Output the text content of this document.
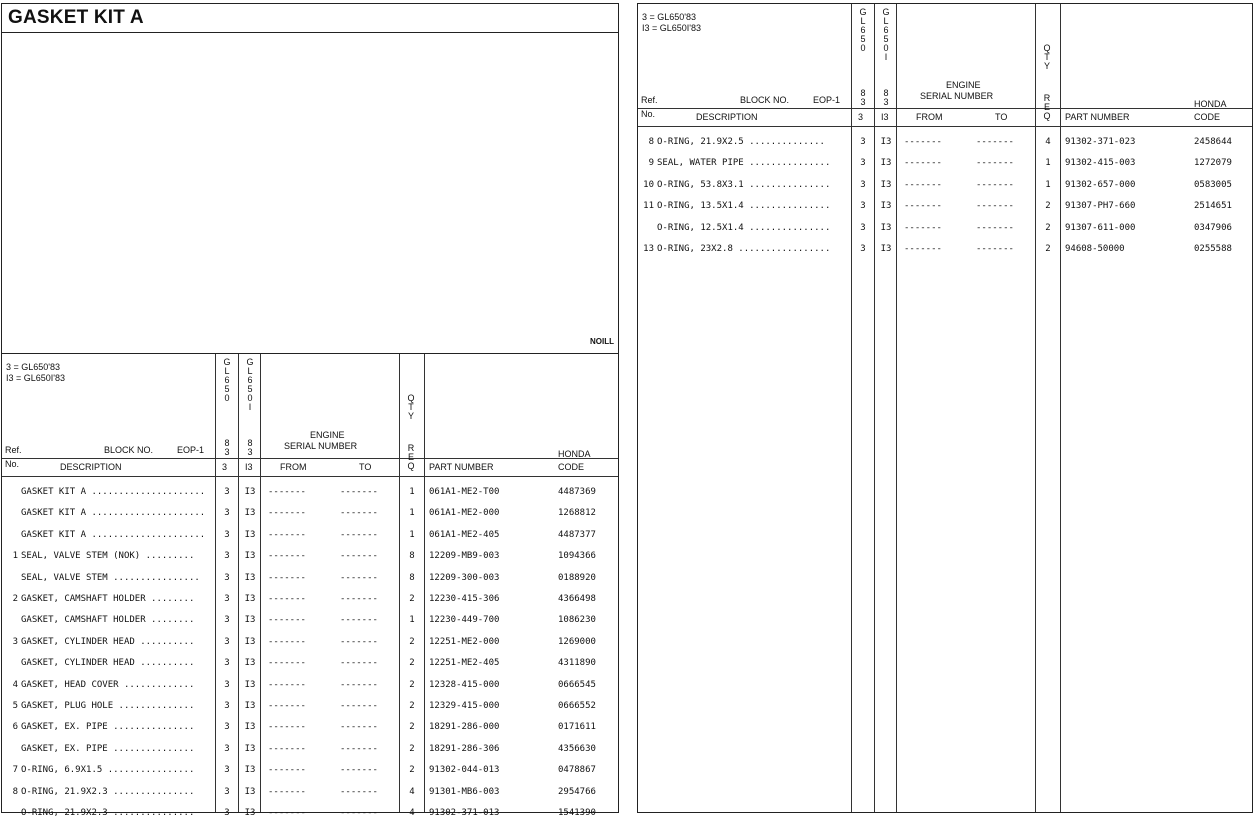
GASKET KIT A
NOILL
3 = GL650'83
I3 = GL650I'83
G
L
6
5
0
8
3
3
G
L
6
5
0
I
8
3
I3
Ref.
No.
BLOCK NO.	EOP-1
DESCRIPTION
ENGINE
SERIAL NUMBER
FROM	TO	PART NUMBER
HONDA
CODE
Q
T
Y
R
E
Q
GASKET KIT A .....................	3	I3	-------	-------	1	061A1-ME2-T00	4487369
GASKET KIT A .....................	3	I3	-------	-------	1	061A1-ME2-000	1268812
GASKET KIT A .....................	3	I3	-------	-------	1	061A1-ME2-405	4487377
1 SEAL, VALVE STEM (NOK) .........	3	I3	-------	-------	8	12209-MB9-003	1094366
SEAL, VALVE STEM ................	3	I3	-------	-------	8	12209-300-003	0188920
2 GASKET, CAMSHAFT HOLDER ........	3	I3	-------	-------	2	12230-415-306	4366498
GASKET, CAMSHAFT HOLDER ........	3	I3	-------	-------	1	12230-449-700	1086230
3 GASKET, CYLINDER HEAD ..........	3	I3	-------	-------	2	12251-ME2-000	1269000
GASKET, CYLINDER HEAD ..........	3	I3	-------	-------	2	12251-ME2-405	4311890
4 GASKET, HEAD COVER .............	3	I3	-------	-------	2	12328-415-000	0666545
5 GASKET, PLUG HOLE ..............	3	I3	-------	-------	2	12329-415-000	0666552
6 GASKET, EX. PIPE ...............	3	I3	-------	-------	2	18291-286-000	0171611
GASKET, EX. PIPE ...............	3	I3	-------	-------	2	18291-286-306	4356630
7 O-RING, 6.9X1.5 ................	3	I3	-------	-------	2	91302-044-013	0478867
8 O-RING, 21.9X2.3 ...............	3	I3	-------	-------	4	91301-MB6-003	2954766
O-RING, 21.9X2.3 ...............	3	I3	-------	-------	4	91302-371-013	1541390
3 = GL650'83
I3 = GL650I'83
G
L
6
5
0
8
3
3
G
L
6
5
0
I
8
3
I3
Ref.
No.
BLOCK NO.	EOP-1
DESCRIPTION
ENGINE
SERIAL NUMBER
FROM	TO	PART NUMBER
HONDA
CODE
Q
T
Y
R
E
Q
8 O-RING, 21.9X2.5 ..............	3	I3	-------	-------	4	91302-371-023	2458644
9 SEAL, WATER PIPE ...............	3	I3	-------	-------	1	91302-415-003	1272079
10 O-RING, 53.8X3.1 ...............	3	I3	-------	-------	1	91302-657-000	0583005
11 O-RING, 13.5X1.4 ...............	3	I3	-------	-------	2	91307-PH7-660	2514651
O-RING, 12.5X1.4 ...............	3	I3	-------	-------	2	91307-611-000	0347906
13 O-RING, 23X2.8 .................	3	I3	-------	-------	2	94608-50000	0255588
